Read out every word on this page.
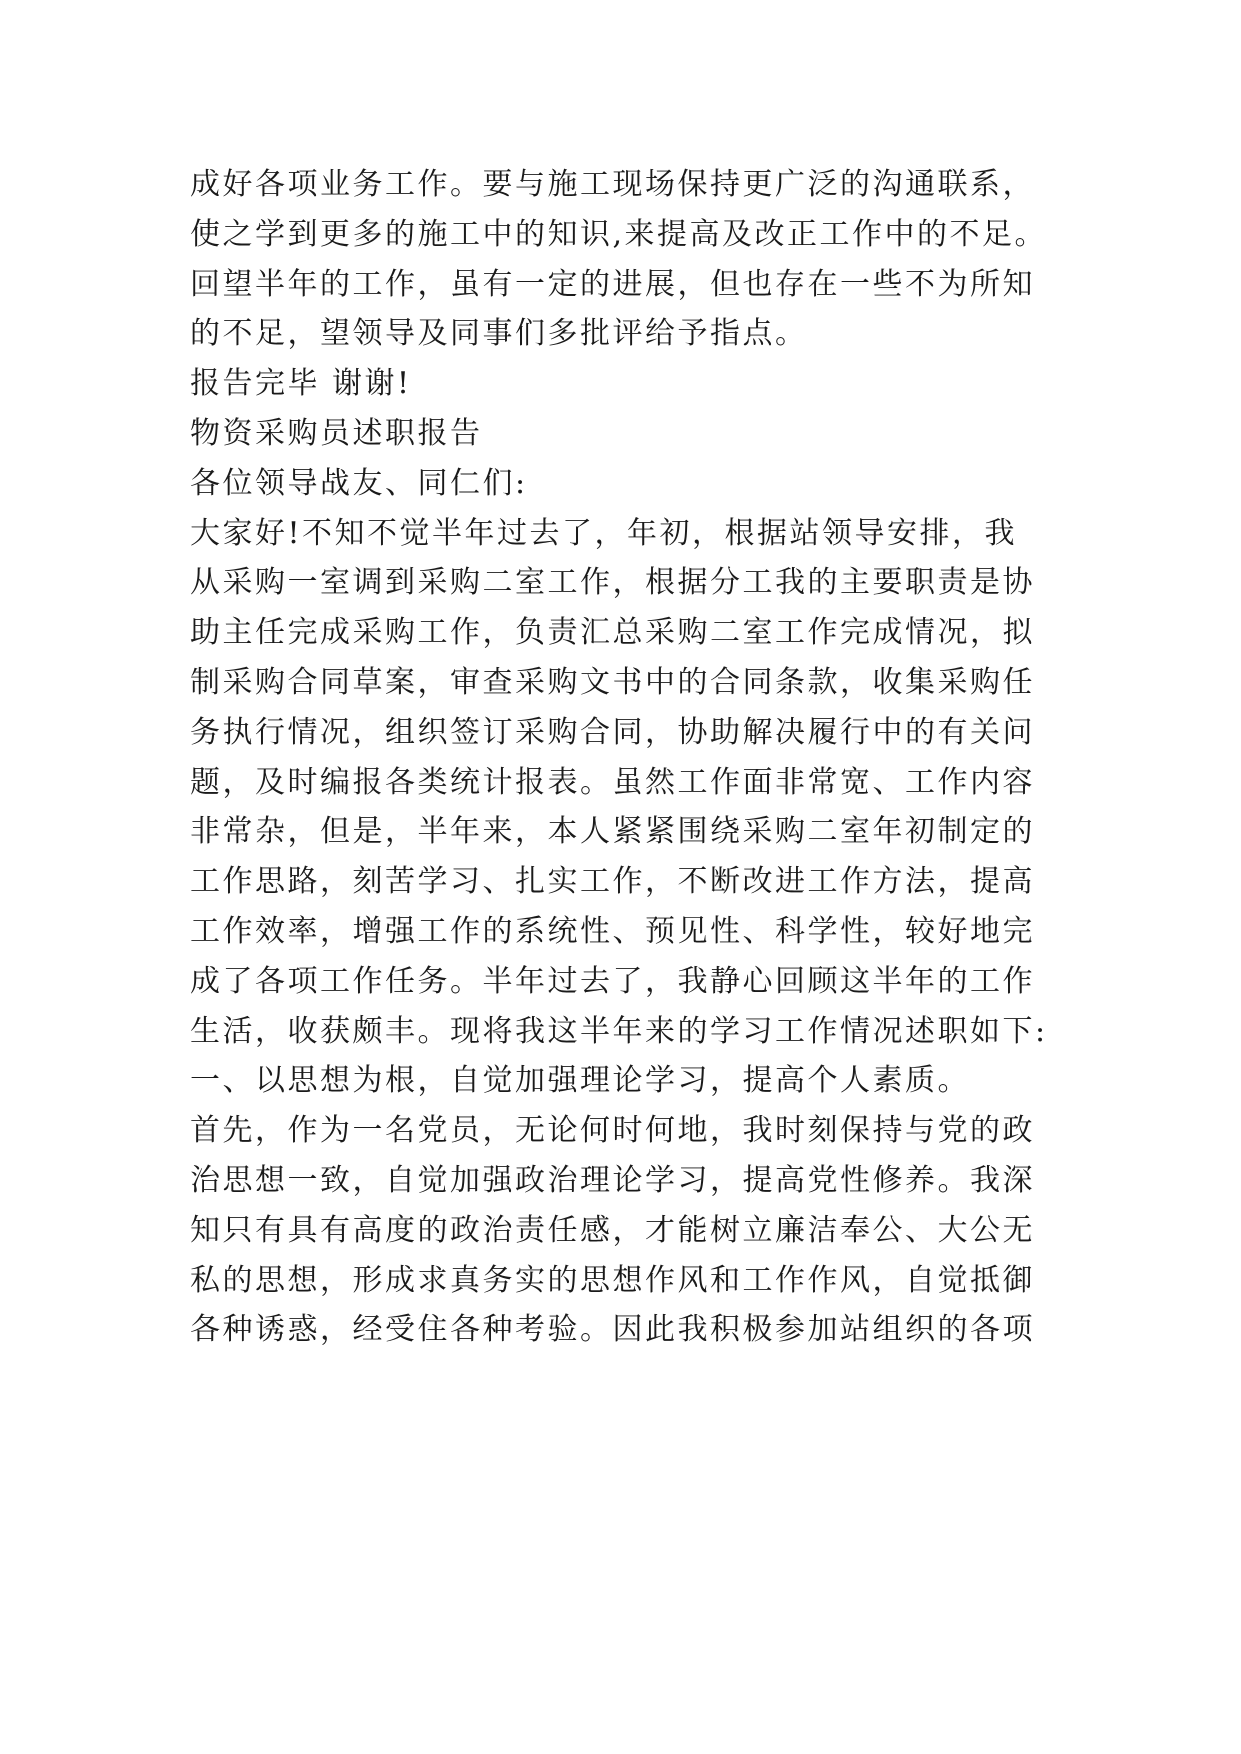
成好各项业务工作。要与施工现场保持更广泛的沟通联系，

使之学到更多的施工中的知识,来提高及改正工作中的不足。

回望半年的工作，虽有一定的进展，但也存在一些不为所知

的不足，望领导及同事们多批评给予指点。

报告完毕 谢谢!

物资采购员述职报告

各位领导战友、同仁们:

大家好!不知不觉半年过去了，年初，根据站领导安排，我

从采购一室调到采购二室工作，根据分工我的主要职责是协

助主任完成采购工作，负责汇总采购二室工作完成情况，拟

制采购合同草案，审查采购文书中的合同条款，收集采购任

务执行情况，组织签订采购合同，协助解决履行中的有关问

题，及时编报各类统计报表。虽然工作面非常宽、工作内容

非常杂，但是，半年来，本人紧紧围绕采购二室年初制定的

工作思路，刻苦学习、扎实工作，不断改进工作方法，提高

工作效率，增强工作的系统性、预见性、科学性，较好地完

成了各项工作任务。半年过去了，我静心回顾这半年的工作

生活，收获颇丰。现将我这半年来的学习工作情况述职如下:

一、以思想为根，自觉加强理论学习，提高个人素质。

首先，作为一名党员，无论何时何地，我时刻保持与党的政

治思想一致，自觉加强政治理论学习，提高党性修养。我深

知只有具有高度的政治责任感，才能树立廉洁奉公、大公无

私的思想，形成求真务实的思想作风和工作作风，自觉抵御

各种诱惑，经受住各种考验。因此我积极参加站组织的各项
